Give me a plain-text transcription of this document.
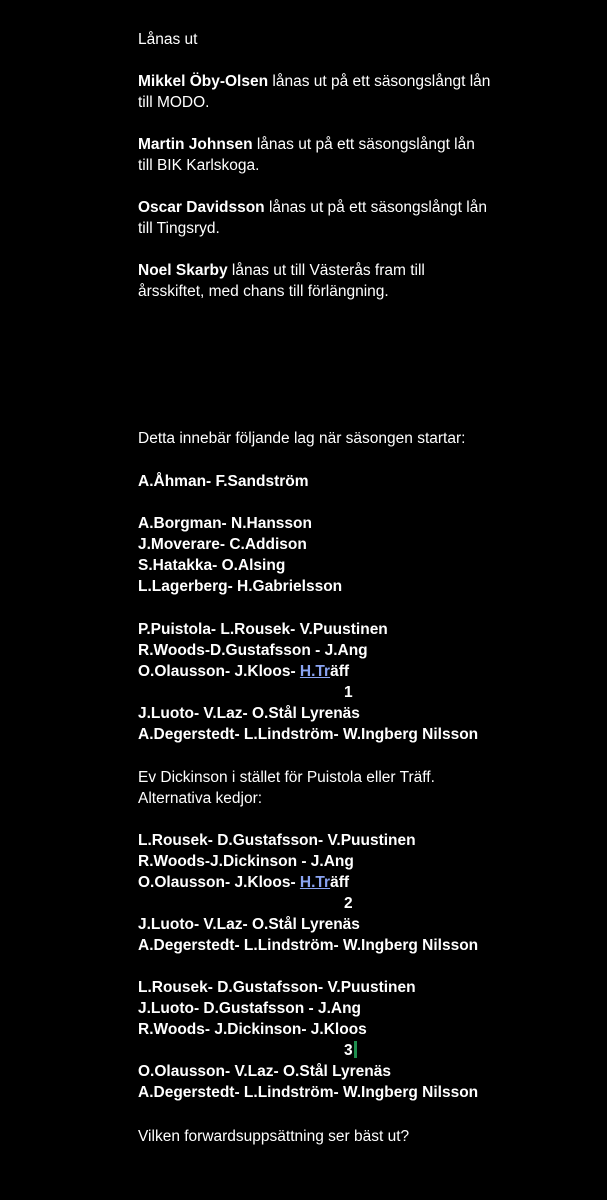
Lånas ut
Mikkel Öby-Olsen lånas ut på ett säsongslångt lån
till MODO.
Martin Johnsen lånas ut på ett säsongslångt lån
till BIK Karlskoga.
Oscar Davidsson lånas ut på ett säsongslångt lån
till Tingsryd.
Noel Skarby lånas ut till Västerås fram till
årsskiftet, med chans till förlängning.
Detta innebär följande lag när säsongen startar:
A.Åhman- F.Sandström
A.Borgman- N.Hansson
J.Moverare- C.Addison
S.Hatakka- O.Alsing
L.Lagerberg- H.Gabrielsson
P.Puistola- L.Rousek- V.Puustinen
R.Woods-D.Gustafsson - J.Ang
O.Olausson- J.Kloos- H.Träff
1
J.Luoto- V.Laz- O.Stål Lyrenäs
A.Degerstedt- L.Lindström- W.Ingberg Nilsson
Ev Dickinson i stället för Puistola eller Träff.
Alternativa kedjor:
L.Rousek- D.Gustafsson- V.Puustinen
R.Woods-J.Dickinson - J.Ang
O.Olausson- J.Kloos- H.Träff
2
J.Luoto- V.Laz- O.Stål Lyrenäs
A.Degerstedt- L.Lindström- W.Ingberg Nilsson
L.Rousek- D.Gustafsson- V.Puustinen
J.Luoto- D.Gustafsson - J.Ang
R.Woods- J.Dickinson- J.Kloos
3
O.Olausson- V.Laz- O.Stål Lyrenäs
A.Degerstedt- L.Lindström- W.Ingberg Nilsson
Vilken forwardsuppsättning ser bäst ut?
